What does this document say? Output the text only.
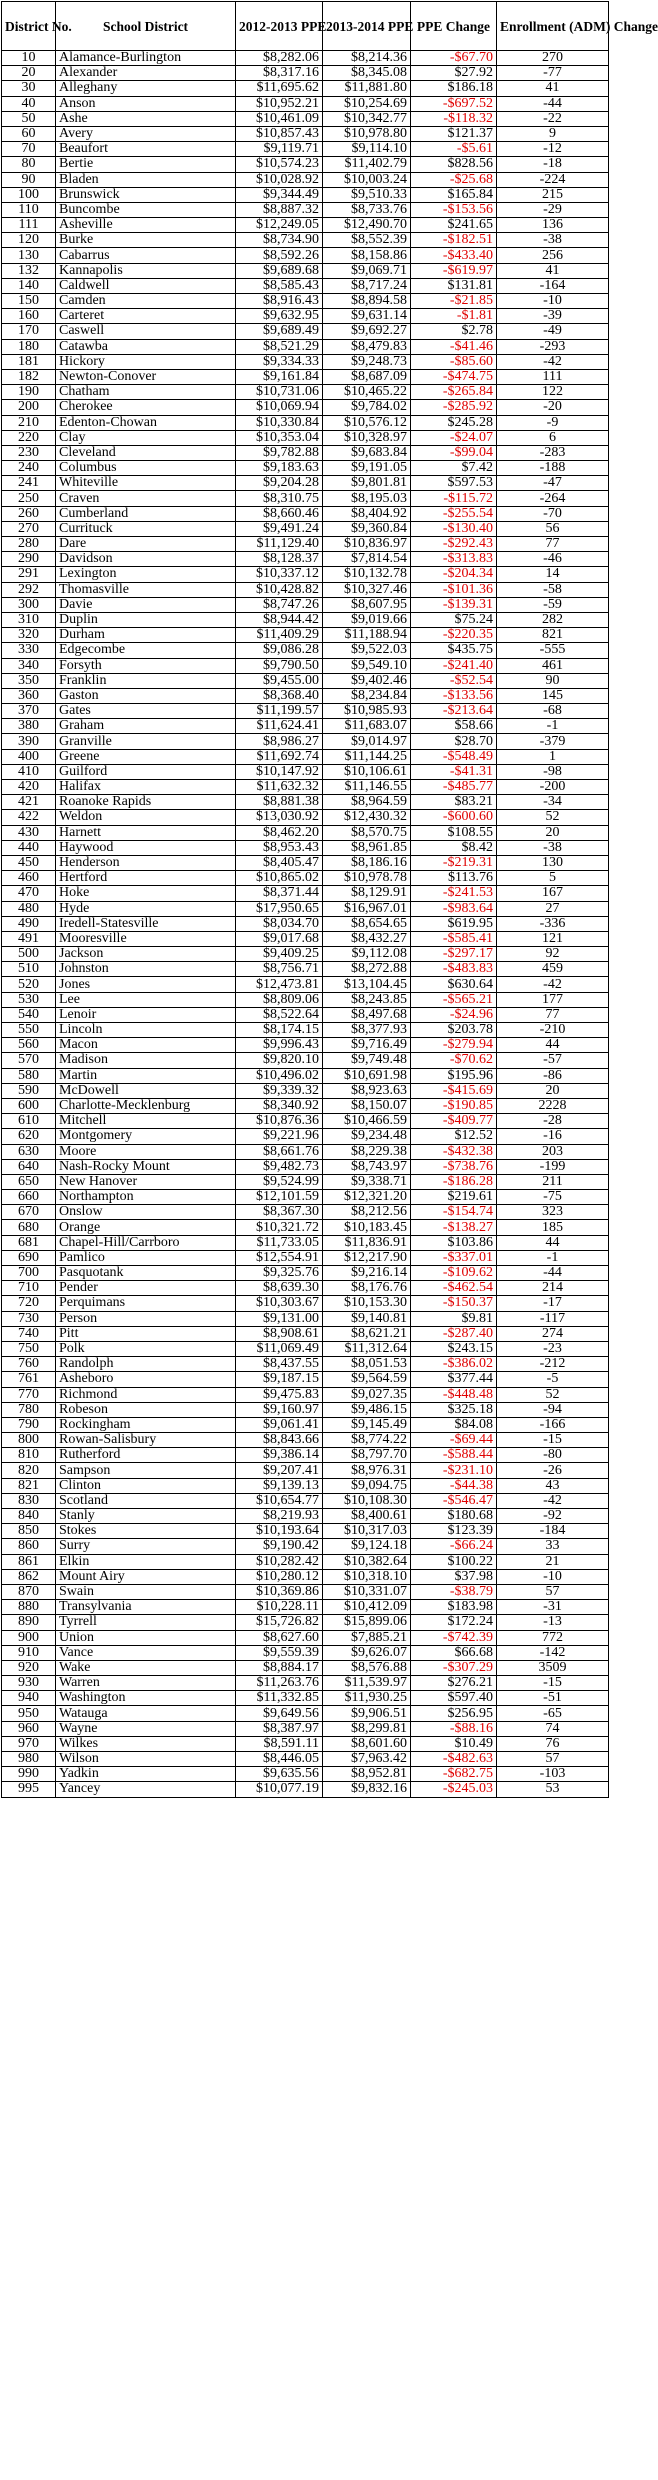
District No.	School District	2012-2013 PPE	2013-2014 PPE	PPE Change	Enrollment (ADM) Change
10	Alamance-Burlington	$8,282.06	$8,214.36	-$67.70	270
20	Alexander	$8,317.16	$8,345.08	$27.92	-77
30	Alleghany	$11,695.62	$11,881.80	$186.18	41
40	Anson	$10,952.21	$10,254.69	-$697.52	-44
50	Ashe	$10,461.09	$10,342.77	-$118.32	-22
60	Avery	$10,857.43	$10,978.80	$121.37	9
70	Beaufort	$9,119.71	$9,114.10	-$5.61	-12
80	Bertie	$10,574.23	$11,402.79	$828.56	-18
90	Bladen	$10,028.92	$10,003.24	-$25.68	-224
100	Brunswick	$9,344.49	$9,510.33	$165.84	215
110	Buncombe	$8,887.32	$8,733.76	-$153.56	-29
111	Asheville	$12,249.05	$12,490.70	$241.65	136
120	Burke	$8,734.90	$8,552.39	-$182.51	-38
130	Cabarrus	$8,592.26	$8,158.86	-$433.40	256
132	Kannapolis	$9,689.68	$9,069.71	-$619.97	41
140	Caldwell	$8,585.43	$8,717.24	$131.81	-164
150	Camden	$8,916.43	$8,894.58	-$21.85	-10
160	Carteret	$9,632.95	$9,631.14	-$1.81	-39
170	Caswell	$9,689.49	$9,692.27	$2.78	-49
180	Catawba	$8,521.29	$8,479.83	-$41.46	-293
181	Hickory	$9,334.33	$9,248.73	-$85.60	-42
182	Newton-Conover	$9,161.84	$8,687.09	-$474.75	111
190	Chatham	$10,731.06	$10,465.22	-$265.84	122
200	Cherokee	$10,069.94	$9,784.02	-$285.92	-20
210	Edenton-Chowan	$10,330.84	$10,576.12	$245.28	-9
220	Clay	$10,353.04	$10,328.97	-$24.07	6
230	Cleveland	$9,782.88	$9,683.84	-$99.04	-283
240	Columbus	$9,183.63	$9,191.05	$7.42	-188
241	Whiteville	$9,204.28	$9,801.81	$597.53	-47
250	Craven	$8,310.75	$8,195.03	-$115.72	-264
260	Cumberland	$8,660.46	$8,404.92	-$255.54	-70
270	Currituck	$9,491.24	$9,360.84	-$130.40	56
280	Dare	$11,129.40	$10,836.97	-$292.43	77
290	Davidson	$8,128.37	$7,814.54	-$313.83	-46
291	Lexington	$10,337.12	$10,132.78	-$204.34	14
292	Thomasville	$10,428.82	$10,327.46	-$101.36	-58
300	Davie	$8,747.26	$8,607.95	-$139.31	-59
310	Duplin	$8,944.42	$9,019.66	$75.24	282
320	Durham	$11,409.29	$11,188.94	-$220.35	821
330	Edgecombe	$9,086.28	$9,522.03	$435.75	-555
340	Forsyth	$9,790.50	$9,549.10	-$241.40	461
350	Franklin	$9,455.00	$9,402.46	-$52.54	90
360	Gaston	$8,368.40	$8,234.84	-$133.56	145
370	Gates	$11,199.57	$10,985.93	-$213.64	-68
380	Graham	$11,624.41	$11,683.07	$58.66	-1
390	Granville	$8,986.27	$9,014.97	$28.70	-379
400	Greene	$11,692.74	$11,144.25	-$548.49	1
410	Guilford	$10,147.92	$10,106.61	-$41.31	-98
420	Halifax	$11,632.32	$11,146.55	-$485.77	-200
421	Roanoke Rapids	$8,881.38	$8,964.59	$83.21	-34
422	Weldon	$13,030.92	$12,430.32	-$600.60	52
430	Harnett	$8,462.20	$8,570.75	$108.55	20
440	Haywood	$8,953.43	$8,961.85	$8.42	-38
450	Henderson	$8,405.47	$8,186.16	-$219.31	130
460	Hertford	$10,865.02	$10,978.78	$113.76	5
470	Hoke	$8,371.44	$8,129.91	-$241.53	167
480	Hyde	$17,950.65	$16,967.01	-$983.64	27
490	Iredell-Statesville	$8,034.70	$8,654.65	$619.95	-336
491	Mooresville	$9,017.68	$8,432.27	-$585.41	121
500	Jackson	$9,409.25	$9,112.08	-$297.17	92
510	Johnston	$8,756.71	$8,272.88	-$483.83	459
520	Jones	$12,473.81	$13,104.45	$630.64	-42
530	Lee	$8,809.06	$8,243.85	-$565.21	177
540	Lenoir	$8,522.64	$8,497.68	-$24.96	77
550	Lincoln	$8,174.15	$8,377.93	$203.78	-210
560	Macon	$9,996.43	$9,716.49	-$279.94	44
570	Madison	$9,820.10	$9,749.48	-$70.62	-57
580	Martin	$10,496.02	$10,691.98	$195.96	-86
590	McDowell	$9,339.32	$8,923.63	-$415.69	20
600	Charlotte-Mecklenburg	$8,340.92	$8,150.07	-$190.85	2228
610	Mitchell	$10,876.36	$10,466.59	-$409.77	-28
620	Montgomery	$9,221.96	$9,234.48	$12.52	-16
630	Moore	$8,661.76	$8,229.38	-$432.38	203
640	Nash-Rocky Mount	$9,482.73	$8,743.97	-$738.76	-199
650	New Hanover	$9,524.99	$9,338.71	-$186.28	211
660	Northampton	$12,101.59	$12,321.20	$219.61	-75
670	Onslow	$8,367.30	$8,212.56	-$154.74	323
680	Orange	$10,321.72	$10,183.45	-$138.27	185
681	Chapel-Hill/Carrboro	$11,733.05	$11,836.91	$103.86	44
690	Pamlico	$12,554.91	$12,217.90	-$337.01	-1
700	Pasquotank	$9,325.76	$9,216.14	-$109.62	-44
710	Pender	$8,639.30	$8,176.76	-$462.54	214
720	Perquimans	$10,303.67	$10,153.30	-$150.37	-17
730	Person	$9,131.00	$9,140.81	$9.81	-117
740	Pitt	$8,908.61	$8,621.21	-$287.40	274
750	Polk	$11,069.49	$11,312.64	$243.15	-23
760	Randolph	$8,437.55	$8,051.53	-$386.02	-212
761	Asheboro	$9,187.15	$9,564.59	$377.44	-5
770	Richmond	$9,475.83	$9,027.35	-$448.48	52
780	Robeson	$9,160.97	$9,486.15	$325.18	-94
790	Rockingham	$9,061.41	$9,145.49	$84.08	-166
800	Rowan-Salisbury	$8,843.66	$8,774.22	-$69.44	-15
810	Rutherford	$9,386.14	$8,797.70	-$588.44	-80
820	Sampson	$9,207.41	$8,976.31	-$231.10	-26
821	Clinton	$9,139.13	$9,094.75	-$44.38	43
830	Scotland	$10,654.77	$10,108.30	-$546.47	-42
840	Stanly	$8,219.93	$8,400.61	$180.68	-92
850	Stokes	$10,193.64	$10,317.03	$123.39	-184
860	Surry	$9,190.42	$9,124.18	-$66.24	33
861	Elkin	$10,282.42	$10,382.64	$100.22	21
862	Mount Airy	$10,280.12	$10,318.10	$37.98	-10
870	Swain	$10,369.86	$10,331.07	-$38.79	57
880	Transylvania	$10,228.11	$10,412.09	$183.98	-31
890	Tyrrell	$15,726.82	$15,899.06	$172.24	-13
900	Union	$8,627.60	$7,885.21	-$742.39	772
910	Vance	$9,559.39	$9,626.07	$66.68	-142
920	Wake	$8,884.17	$8,576.88	-$307.29	3509
930	Warren	$11,263.76	$11,539.97	$276.21	-15
940	Washington	$11,332.85	$11,930.25	$597.40	-51
950	Watauga	$9,649.56	$9,906.51	$256.95	-65
960	Wayne	$8,387.97	$8,299.81	-$88.16	74
970	Wilkes	$8,591.11	$8,601.60	$10.49	76
980	Wilson	$8,446.05	$7,963.42	-$482.63	57
990	Yadkin	$9,635.56	$8,952.81	-$682.75	-103
995	Yancey	$10,077.19	$9,832.16	-$245.03	53
